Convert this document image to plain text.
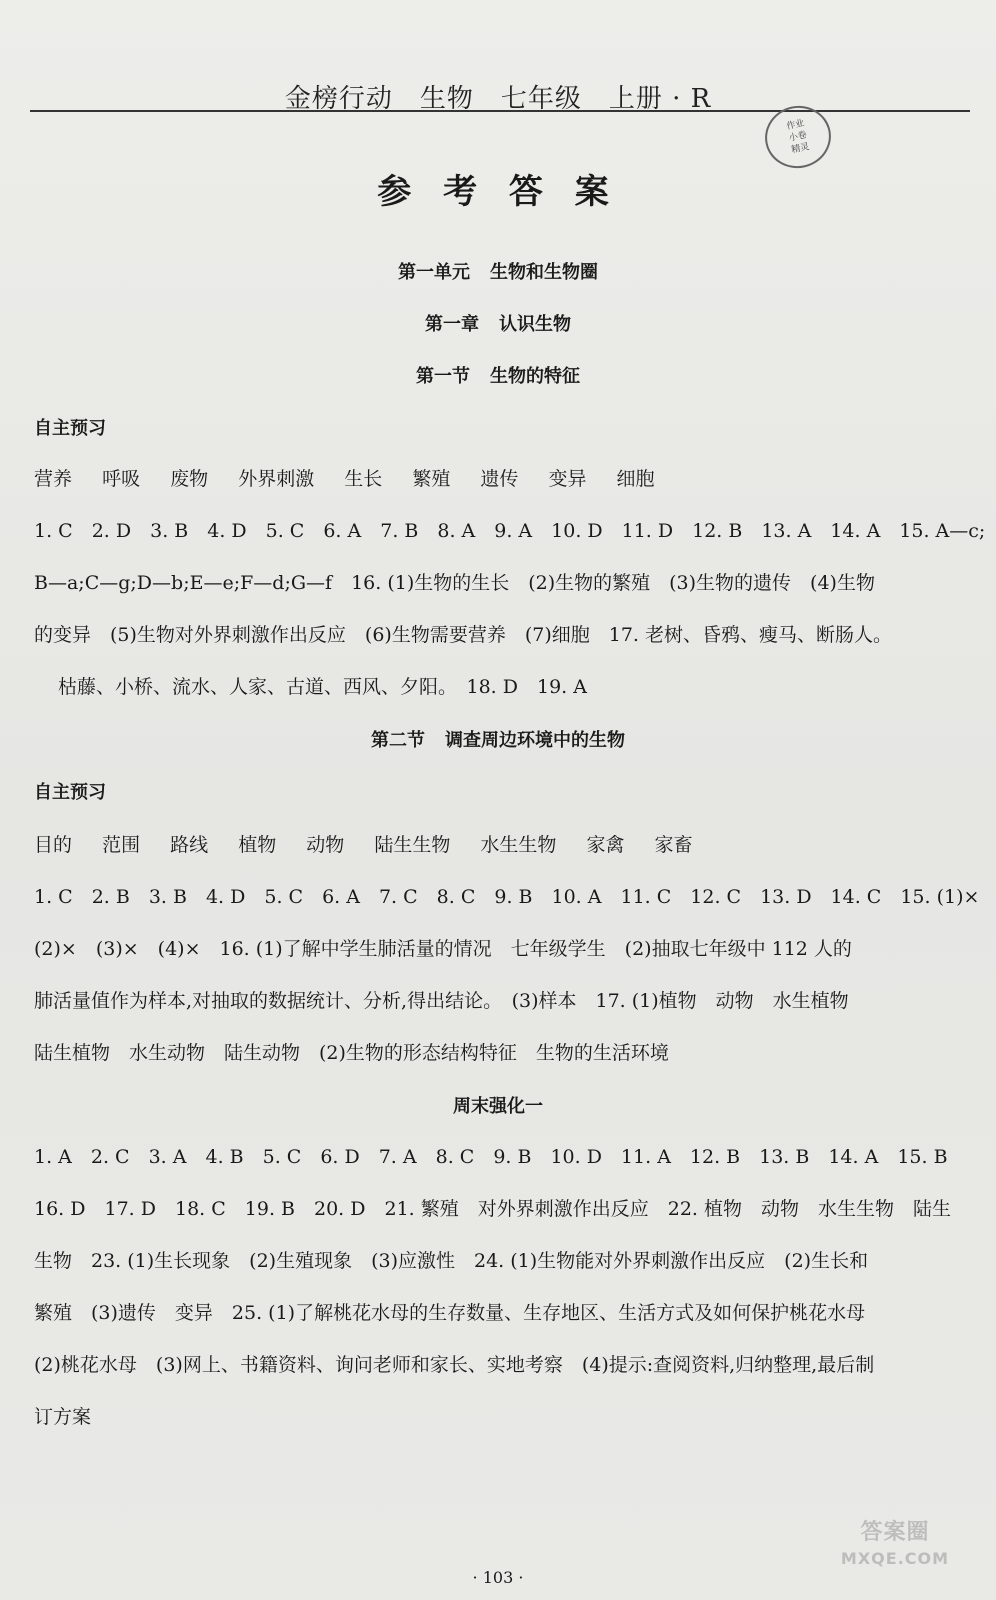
金榜行动　生物　七年级　上册 · R
作业
小卷
精灵
参 考 答 案
第一单元 生物和生物圈
第一章 认识生物
第一节 生物的特征
自主预习
营养 呼吸 废物 外界刺激 生长 繁殖 遗传 变异 细胞
1. C　2. D　3. B　4. D　5. C　6. A　7. B　8. A　9. A　10. D　11. D　12. B　13. A　14. A　15. A—c;
B—a;C—g;D—b;E—e;F—d;G—f　16. (1)生物的生长　(2)生物的繁殖　(3)生物的遗传　(4)生物
的变异　(5)生物对外界刺激作出反应　(6)生物需要营养　(7)细胞　17. 老树、昏鸦、瘦马、断肠人。
枯藤、小桥、流水、人家、古道、西风、夕阳。　18. D　19. A
第二节 调查周边环境中的生物
自主预习
目的 范围 路线 植物 动物 陆生生物 水生生物 家禽 家畜
1. C　2. B　3. B　4. D　5. C　6. A　7. C　8. C　9. B　10. A　11. C　12. C　13. D　14. C　15. (1)×
(2)×　(3)×　(4)×　16. (1)了解中学生肺活量的情况　七年级学生　(2)抽取七年级中 112 人的
肺活量值作为样本,对抽取的数据统计、分析,得出结论。　(3)样本　17. (1)植物　动物　水生植物
陆生植物　水生动物　陆生动物　(2)生物的形态结构特征　生物的生活环境
周末强化一
1. A　2. C　3. A　4. B　5. C　6. D　7. A　8. C　9. B　10. D　11. A　12. B　13. B　14. A　15. B
16. D　17. D　18. C　19. B　20. D　21. 繁殖　对外界刺激作出反应　22. 植物　动物　水生生物　陆生
生物　23. (1)生长现象　(2)生殖现象　(3)应激性　24. (1)生物能对外界刺激作出反应　(2)生长和
繁殖　(3)遗传　变异　25. (1)了解桃花水母的生存数量、生存地区、生活方式及如何保护桃花水母
(2)桃花水母　(3)网上、书籍资料、询问老师和家长、实地考察　(4)提示:查阅资料,归纳整理,最后制
订方案
· 103 ·
答案圈
MXQE.COM
